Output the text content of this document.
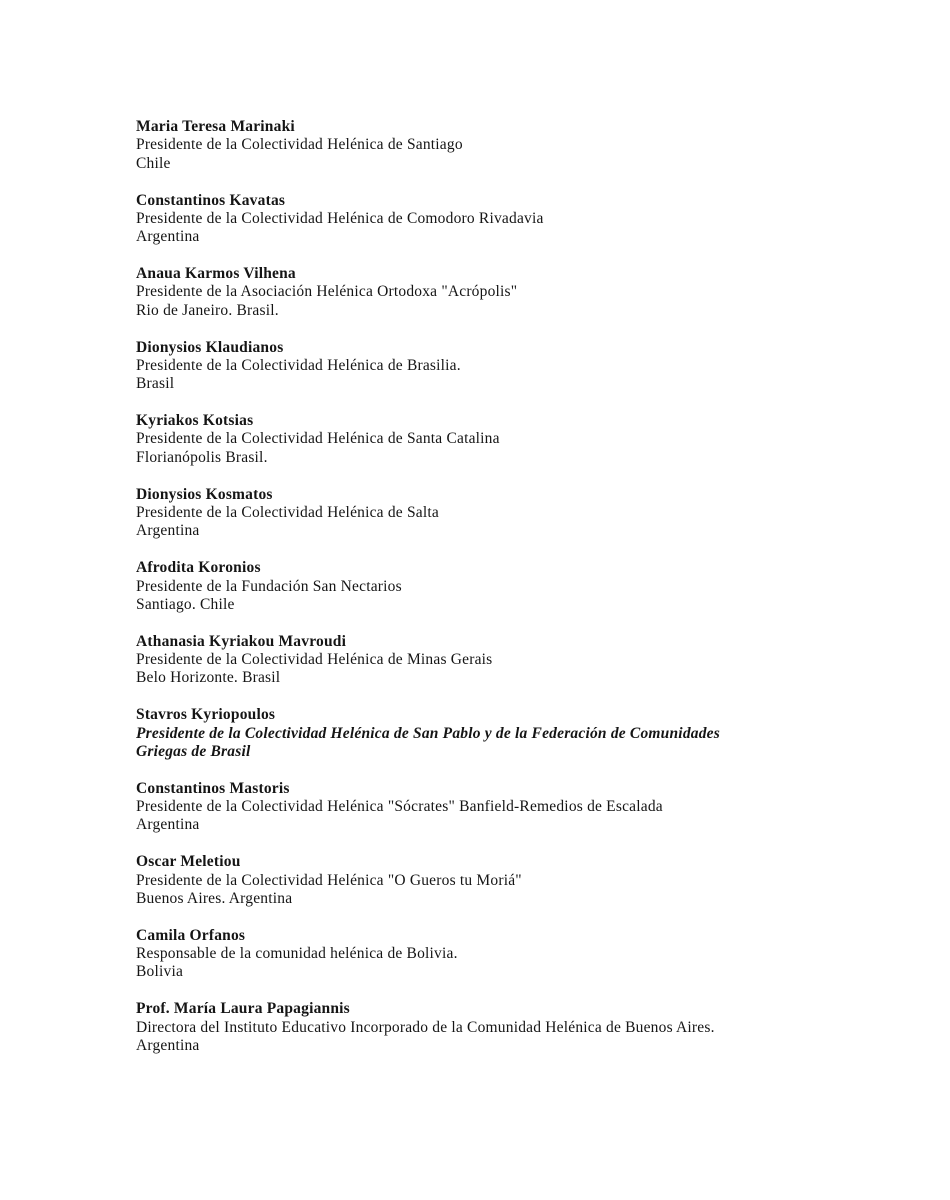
Maria Teresa Marinaki
Presidente de la Colectividad Helénica de Santiago
Chile
Constantinos Kavatas
Presidente de la Colectividad Helénica de Comodoro Rivadavia
Argentina
Anaua Karmos Vilhena
Presidente de la Asociación Helénica Ortodoxa "Acrópolis"
Rio de Janeiro. Brasil.
Dionysios Klaudianos
Presidente de la Colectividad Helénica de Brasilia.
Brasil
Kyriakos Kotsias
Presidente de la Colectividad Helénica de Santa Catalina
Florianópolis Brasil.
Dionysios Kosmatos
Presidente de la Colectividad Helénica de Salta
Argentina
Afrodita Koronios
Presidente de la Fundación San Nectarios
Santiago. Chile
Athanasia Kyriakou Mavroudi
Presidente de la Colectividad Helénica de Minas Gerais
Belo Horizonte. Brasil
Stavros Kyriopoulos
Presidente de la Colectividad Helénica de San Pablo y de la Federación de Comunidades
Griegas de Brasil
Constantinos Mastoris
Presidente de la Colectividad Helénica "Sócrates" Banfield-Remedios de Escalada
Argentina
Oscar Meletiou
Presidente de la Colectividad Helénica "O Gueros tu Moriá"
Buenos Aires. Argentina
Camila Orfanos
Responsable de la comunidad helénica de Bolivia.
Bolivia
Prof. María Laura Papagiannis
Directora del Instituto Educativo Incorporado de la Comunidad Helénica de Buenos Aires.
Argentina
